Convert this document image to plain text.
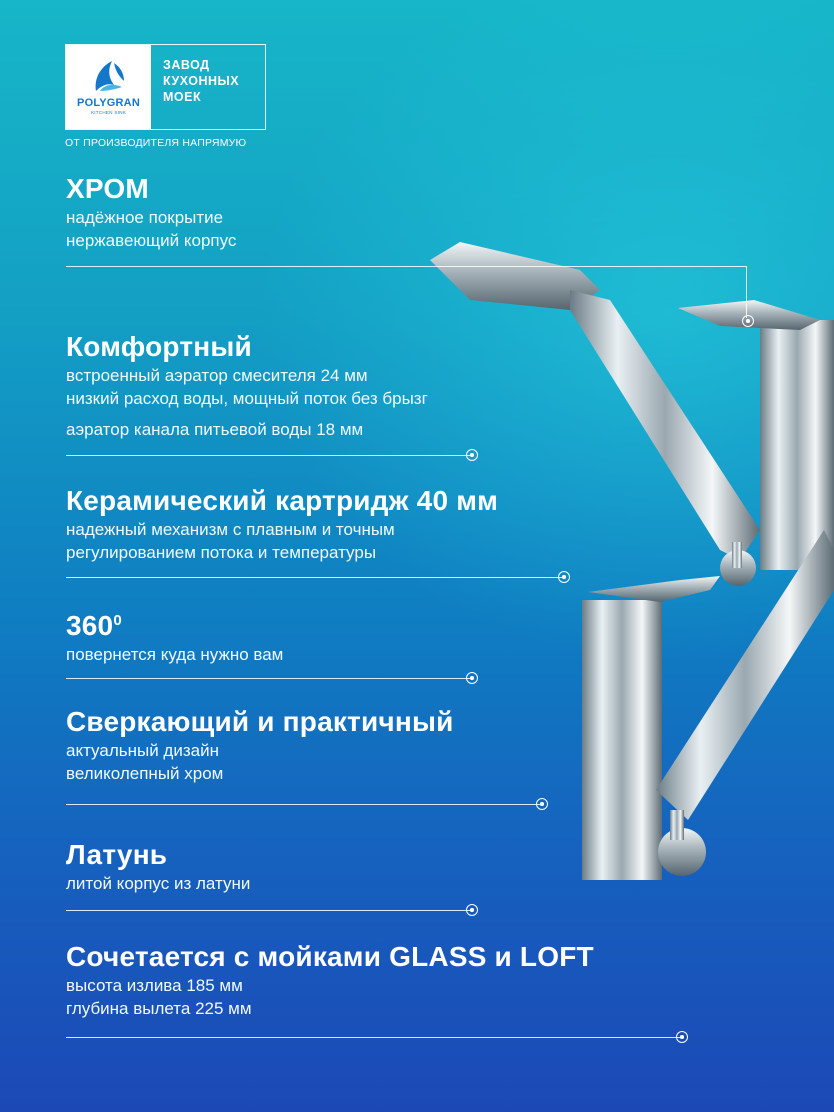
POLYGRAN
KITCHEN SINK
ЗАВОД
КУХОННЫХ
МОЕК
ОТ ПРОИЗВОДИТЕЛЯ НАПРЯМУЮ
ХРОМ
надёжное покрытие
нержавеющий корпус
Комфортный
встроенный аэратор смесителя 24 мм
низкий расход воды, мощный поток без брызг
аэратор канала питьевой воды 18 мм
Керамический картридж 40 мм
надежный механизм с плавным и точным
регулированием потока и температуры
$360^0$
повернется куда нужно вам
Сверкающий и практичный
актуальный дизайн
великолепный хром
Латунь
литой корпус из латуни
Сочетается с мойками GLASS и LOFT
высота излива 185 мм
глубина вылета 225 мм
